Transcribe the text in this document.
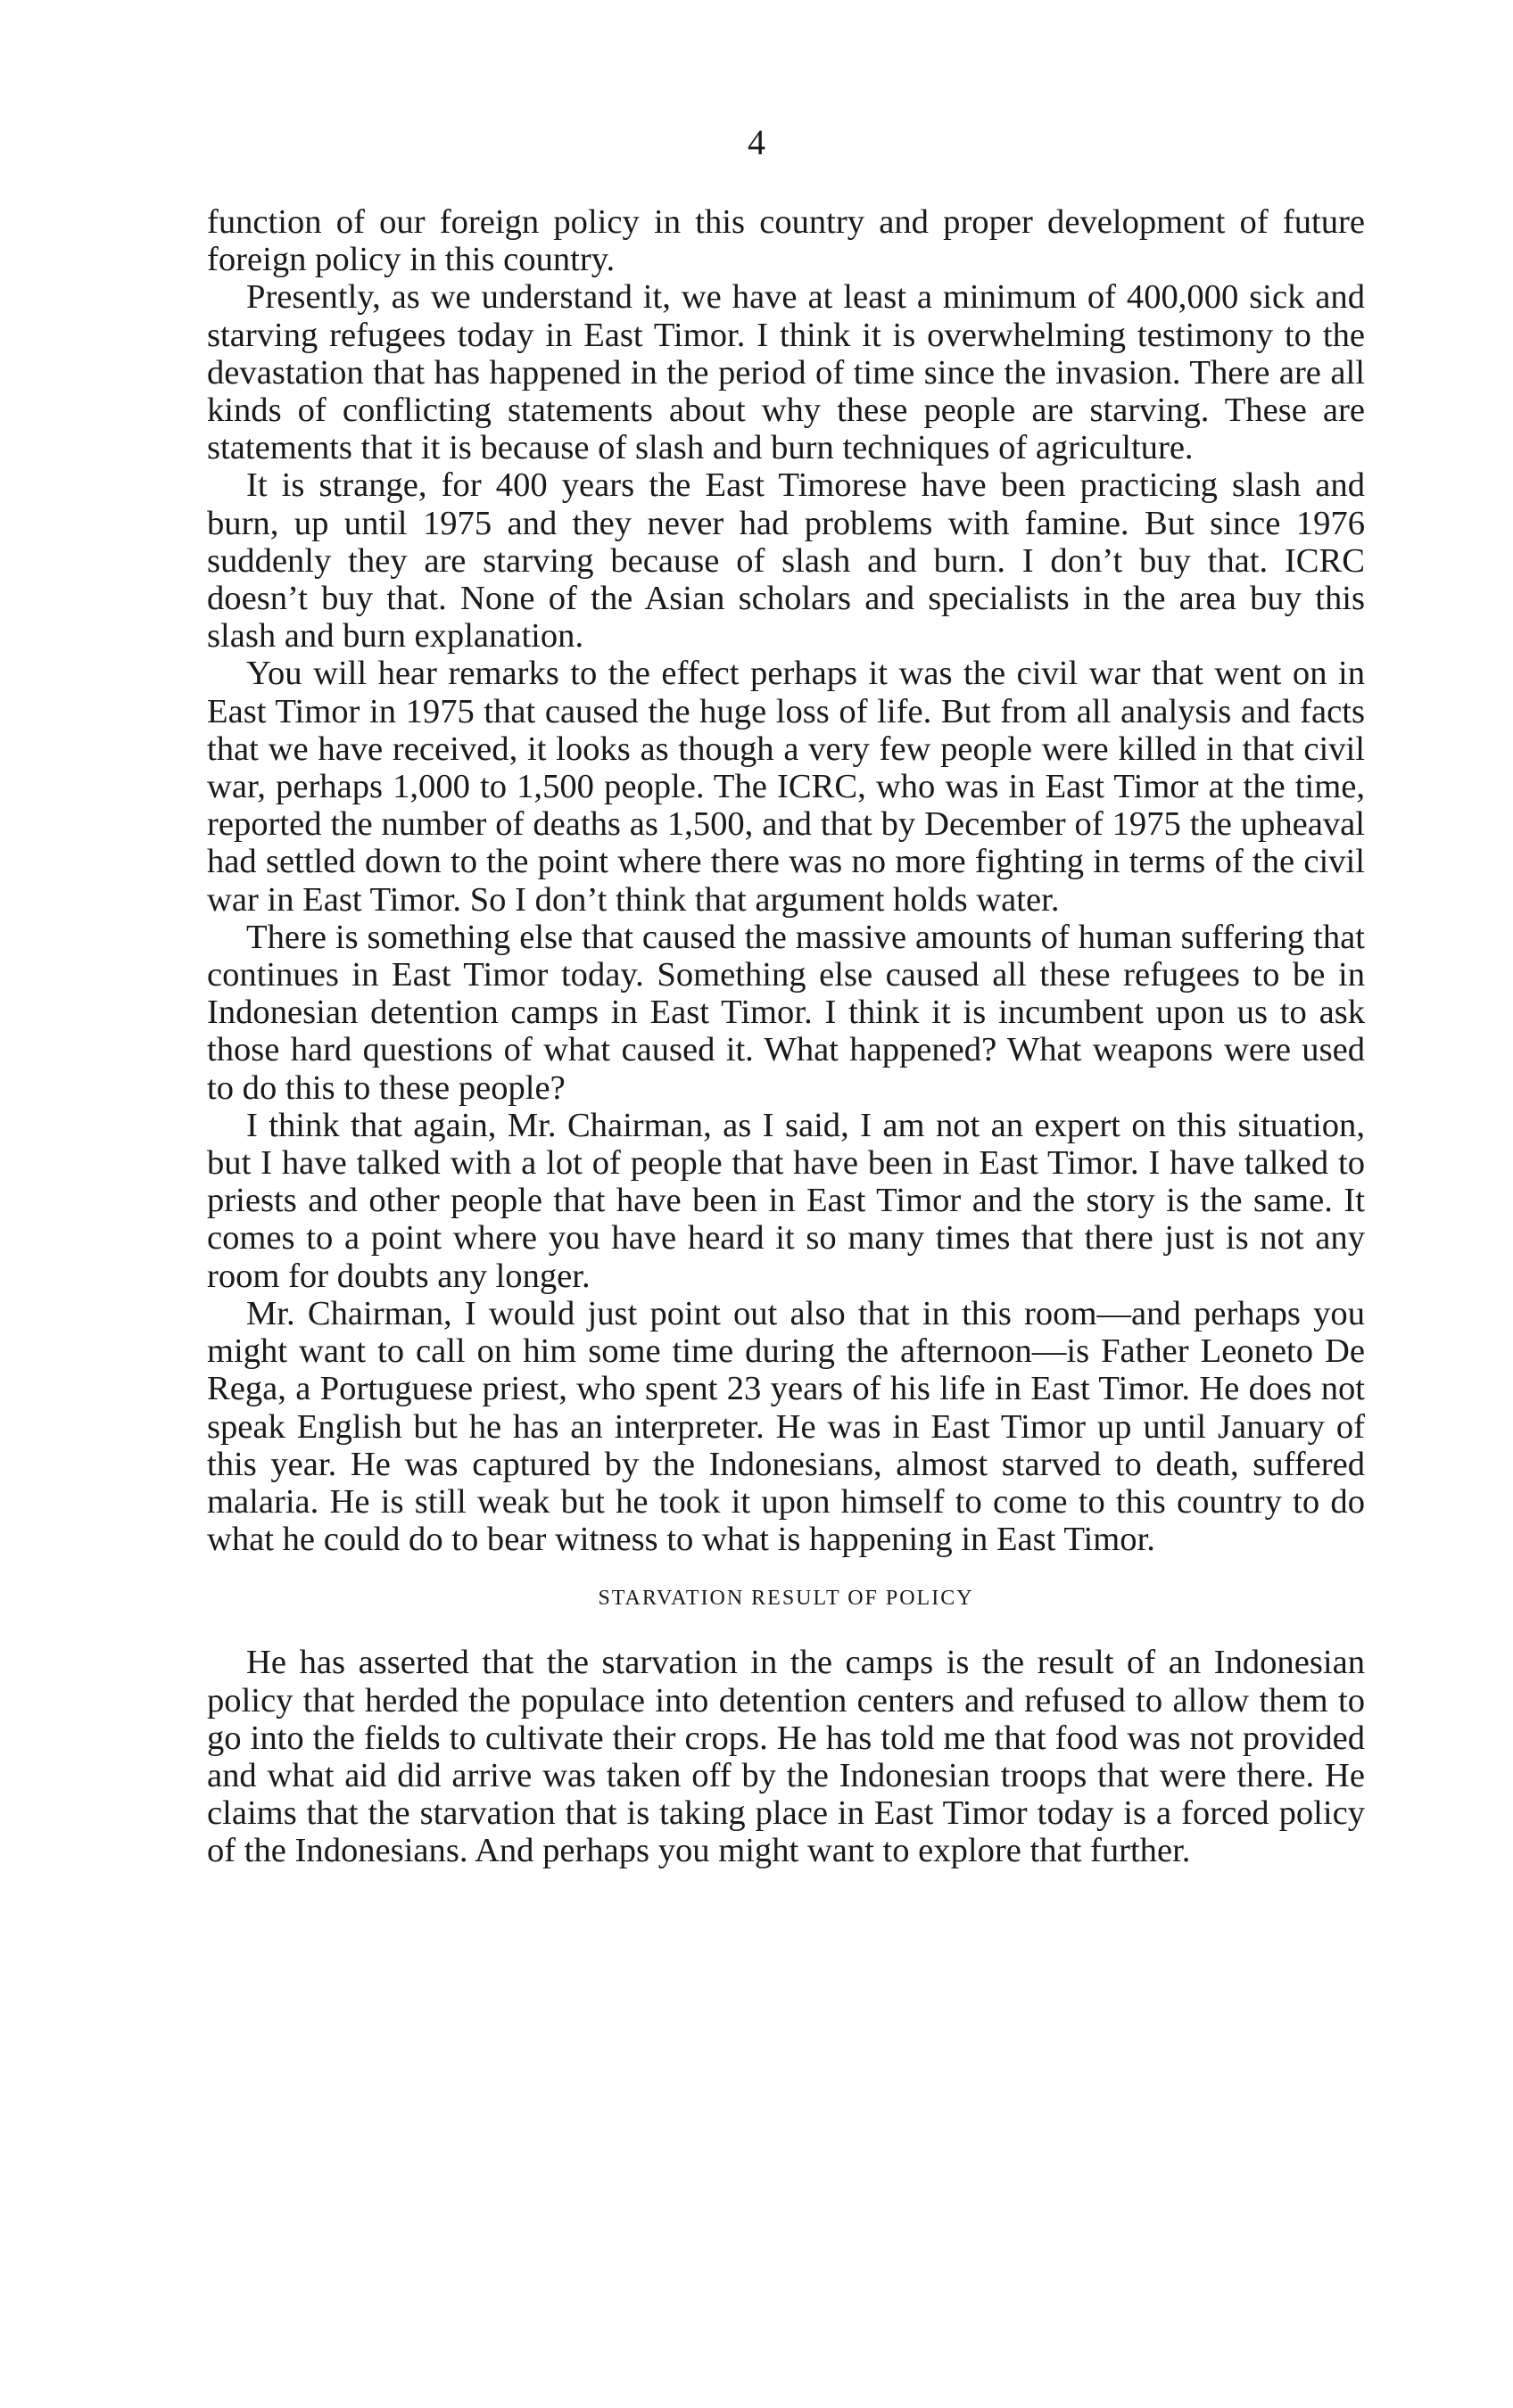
4

function of our foreign policy in this country and proper development of future foreign policy in this country.

Presently, as we understand it, we have at least a minimum of 400,000 sick and starving refugees today in East Timor. I think it is overwhelming testimony to the devastation that has happened in the period of time since the invasion. There are all kinds of conflicting statements about why these people are starving. These are statements that it is because of slash and burn techniques of agriculture.

It is strange, for 400 years the East Timorese have been practicing slash and burn, up until 1975 and they never had problems with famine. But since 1976 suddenly they are starving because of slash and burn. I don’t buy that. ICRC doesn’t buy that. None of the Asian scholars and specialists in the area buy this slash and burn explanation.

You will hear remarks to the effect perhaps it was the civil war that went on in East Timor in 1975 that caused the huge loss of life. But from all analysis and facts that we have received, it looks as though a very few people were killed in that civil war, perhaps 1,000 to 1,500 people. The ICRC, who was in East Timor at the time, reported the number of deaths as 1,500, and that by December of 1975 the upheaval had settled down to the point where there was no more fighting in terms of the civil war in East Timor. So I don’t think that argument holds water.

There is something else that caused the massive amounts of human suffering that continues in East Timor today. Something else caused all these refugees to be in Indonesian detention camps in East Timor. I think it is incumbent upon us to ask those hard questions of what caused it. What happened? What weapons were used to do this to these people?

I think that again, Mr. Chairman, as I said, I am not an expert on this situation, but I have talked with a lot of people that have been in East Timor. I have talked to priests and other people that have been in East Timor and the story is the same. It comes to a point where you have heard it so many times that there just is not any room for doubts any longer.

Mr. Chairman, I would just point out also that in this room—and perhaps you might want to call on him some time during the afternoon—is Father Leoneto De Rega, a Portuguese priest, who spent 23 years of his life in East Timor. He does not speak English but he has an interpreter. He was in East Timor up until January of this year. He was captured by the Indonesians, almost starved to death, suffered malaria. He is still weak but he took it upon himself to come to this country to do what he could do to bear witness to what is happening in East Timor.

STARVATION RESULT OF POLICY

He has asserted that the starvation in the camps is the result of an Indonesian policy that herded the populace into detention centers and refused to allow them to go into the fields to cultivate their crops. He has told me that food was not provided and what aid did arrive was taken off by the Indonesian troops that were there. He claims that the starvation that is taking place in East Timor today is a forced policy of the Indonesians. And perhaps you might want to explore that further.
